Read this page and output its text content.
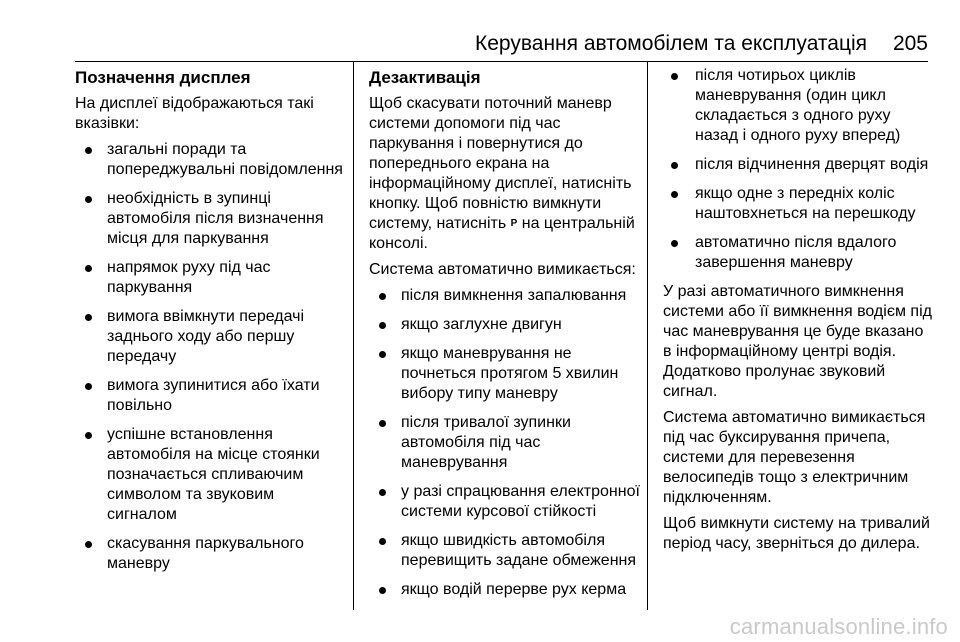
Керування автомобілем та експлуатація 205
Позначення дисплея
На дисплеї відображаються такі вказівки:
загальні поради та попереджувальні повідомлення
необхідність в зупинці автомобіля після визначення місця для паркування
напрямок руху під час паркування
вимога ввімкнути передачі заднього ходу або першу передачу
вимога зупинитися або їхати повільно
успішне встановлення автомобіля на місце стоянки позначається спливаючим символом та звуковим сигналом
скасування паркувального маневру
Дезактивація
Щоб скасувати поточний маневр системи допомоги під час паркування і повернутися до попереднього екрана на інформаційному дисплеї, натисніть кнопку. Щоб повністю вимкнути систему, натисніть P на центральній консолі.
Система автоматично вимикається:
після вимкнення запалювання
якщо заглухне двигун
якщо маневрування не почнеться протягом 5 хвилин вибору типу маневру
після тривалої зупинки автомобіля під час маневрування
у разі спрацювання електронної системи курсової стійкості
якщо швидкість автомобіля перевищить задане обмеження
якщо водій перерве рух керма
після чотирьох циклів маневрування (один цикл складається з одного руху назад і одного руху вперед)
після відчинення дверцят водія
якщо одне з передніх коліс наштовхнеться на перешкоду
автоматично після вдалого завершення маневру
У разі автоматичного вимкнення системи або її вимкнення водієм під час маневрування це буде вказано в інформаційному центрі водія. Додатково пролунає звуковий сигнал.
Система автоматично вимикається під час буксирування причепа, системи для перевезення велосипедів тощо з електричним підключенням.
Щоб вимкнути систему на тривалий період часу, зверніться до дилера.
carmanualsonline.info
